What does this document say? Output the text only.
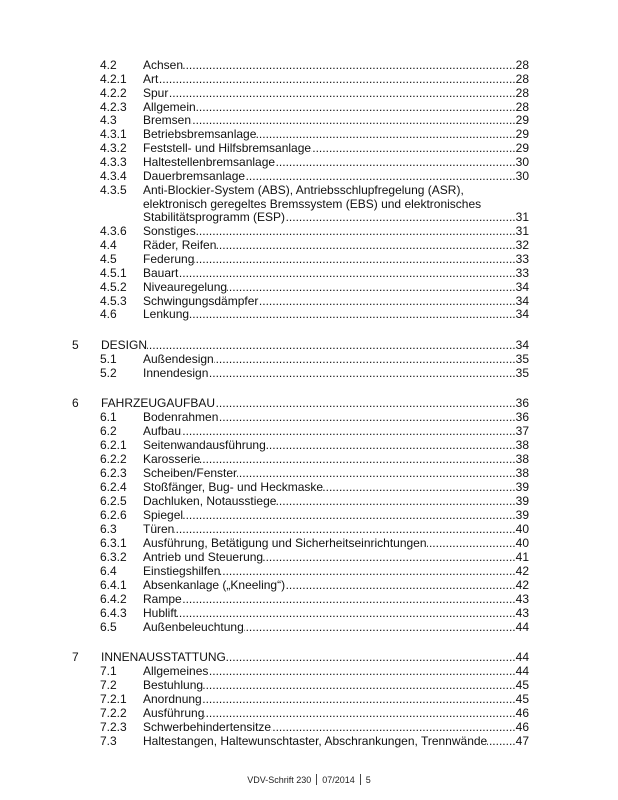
4.2	Achsen .....	28
4.2.1	Art .....	28
4.2.2	Spur .....	28
4.2.3	Allgemein .....	28
4.3	Bremsen .....	29
4.3.1	Betriebsbremsanlage .....	29
4.3.2	Feststell- und Hilfsbremsanlage .....	29
4.3.3	Haltestellenbremsanlage .....	30
4.3.4	Dauerbremsanlage .....	30
4.3.5	Anti-Blockier-System (ABS), Antriebsschlupfregelung (ASR),
elektronisch geregeltes Bremssystem (EBS) und elektronisches
Stabilitätsprogramm (ESP) .....	31
4.3.6	Sonstiges .....	31
4.4	Räder, Reifen .....	32
4.5	Federung .....	33
4.5.1	Bauart .....	33
4.5.2	Niveauregelung .....	34
4.5.3	Schwingungsdämpfer .....	34
4.6	Lenkung .....	34
5	DESIGN .....	34
5.1	Außendesign .....	35
5.2	Innendesign .....	35
6	FAHRZEUGAUFBAU .....	36
6.1	Bodenrahmen .....	36
6.2	Aufbau .....	37
6.2.1	Seitenwandausführung .....	38
6.2.2	Karosserie .....	38
6.2.3	Scheiben/Fenster .....	38
6.2.4	Stoßfänger, Bug- und Heckmaske .....	39
6.2.5	Dachluken, Notausstiege .....	39
6.2.6	Spiegel .....	39
6.3	Türen .....	40
6.3.1	Ausführung, Betätigung und Sicherheitseinrichtungen .....	40
6.3.2	Antrieb und Steuerung .....	41
6.4	Einstiegshilfen .....	42
6.4.1	Absenkanlage („Kneeling“) .....	42
6.4.2	Rampe .....	43
6.4.3	Hublift .....	43
6.5	Außenbeleuchtung .....	44
7	INNENAUSSTATTUNG .....	44
7.1	Allgemeines .....	44
7.2	Bestuhlung .....	45
7.2.1	Anordnung .....	45
7.2.2	Ausführung .....	46
7.2.3	Schwerbehindertensitze .....	46
7.3	Haltestangen, Haltewunschtaster, Abschrankungen, Trennwände ..... 47
VDV-Schrift 230 07/2014 5
